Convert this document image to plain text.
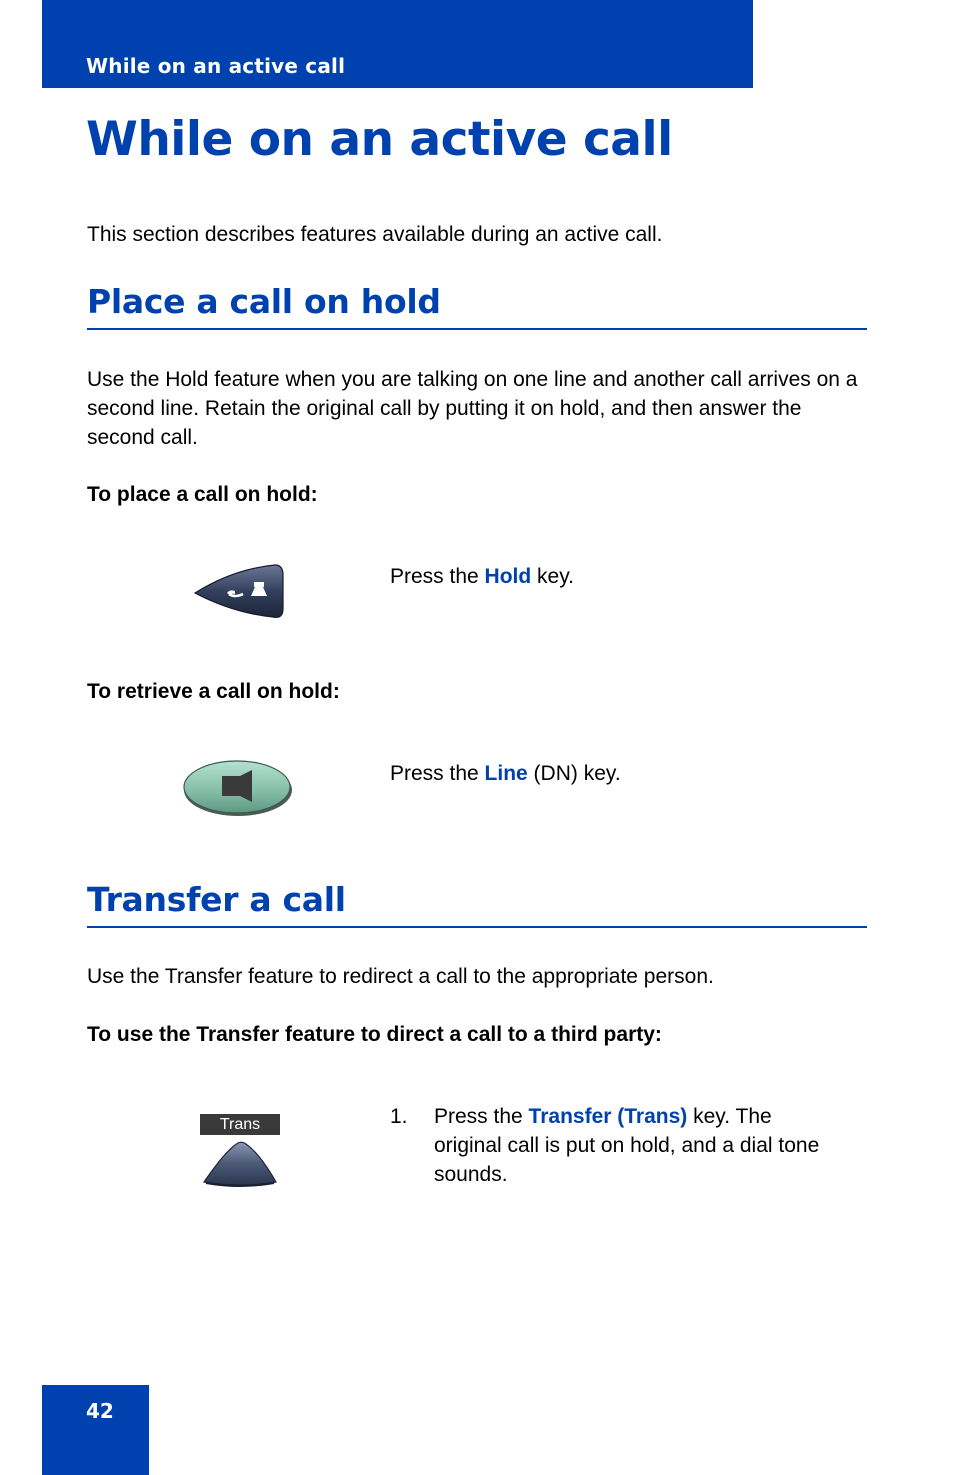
While on an active call
While on an active call

This section describes features available during an active call.

Place a call on hold

Use the Hold feature when you are talking on one line and another call arrives on a second line. Retain the original call by putting it on hold, and then answer the second call.

To place a call on hold:

Press the Hold key.

To retrieve a call on hold:

Press the Line (DN) key.

Transfer a call

Use the Transfer feature to redirect a call to the appropriate person.

To use the Transfer feature to direct a call to a third party:

Trans	1. Press the Transfer (Trans) key. The original call is put on hold, and a dial tone sounds.
42
